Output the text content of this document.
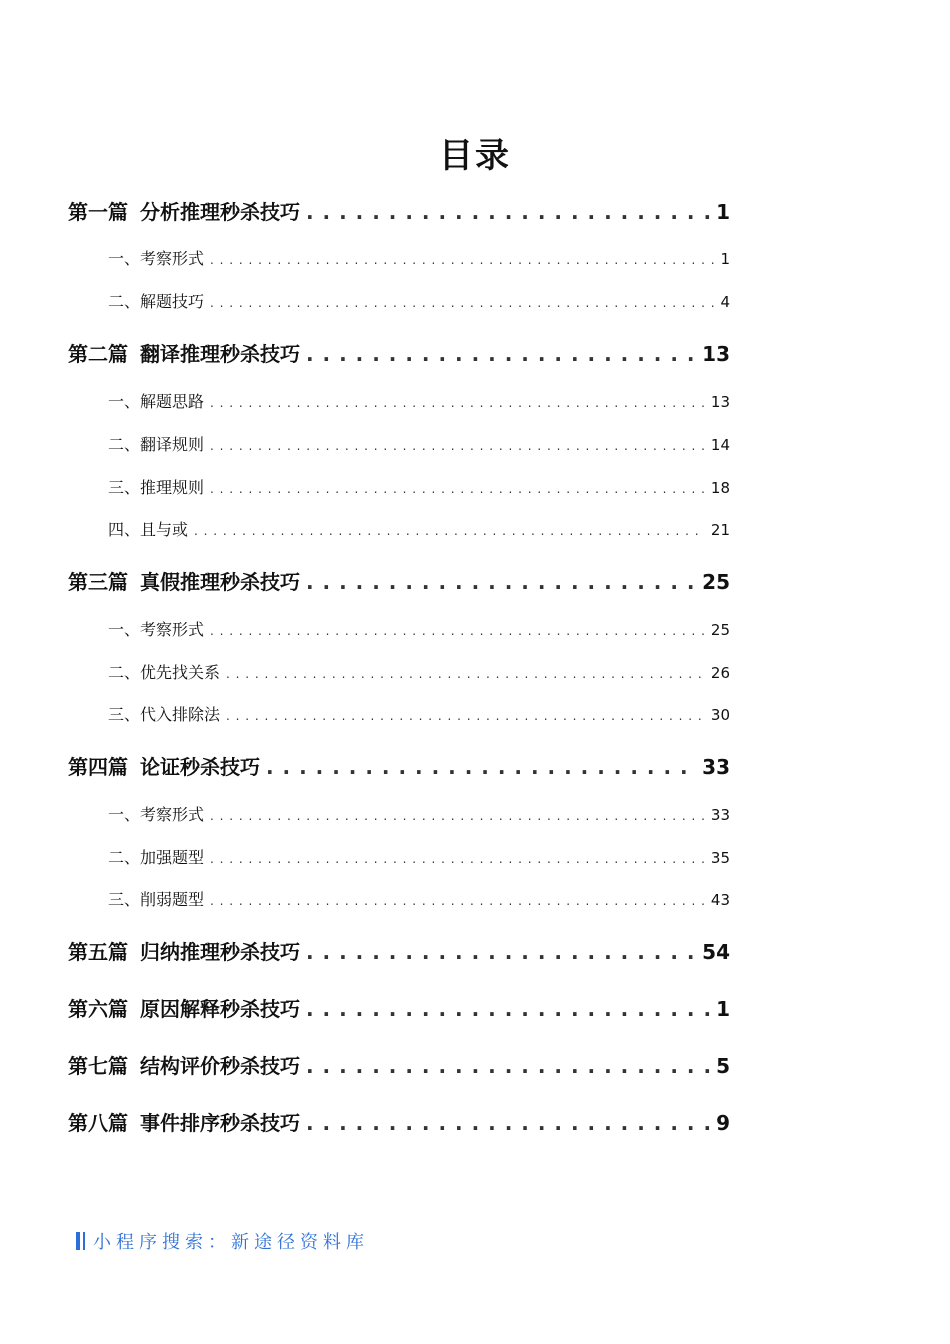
目录
第一篇 分析推理秒杀技巧 . . .	1
一、考察形式 . . .	1
二、解题技巧 . . .	4
第二篇 翻译推理秒杀技巧 . . .	13
一、解题思路 . . .	13
二、翻译规则 . . .	14
三、推理规则 . . .	18
四、且与或 . . .	21
第三篇 真假推理秒杀技巧 . . .	25
一、考察形式 . . .	25
二、优先找关系 . . .	26
三、代入排除法 . . .	30
第四篇 论证秒杀技巧 . . .	33
一、考察形式 . . .	33
二、加强题型 . . .	35
三、削弱题型 . . .	43
第五篇 归纳推理秒杀技巧 . . .	54
第六篇 原因解释秒杀技巧 . . .	1
第七篇 结构评价秒杀技巧 . . .	5
第八篇 事件排序秒杀技巧 . . .	9
小程序搜索：新途径资料库
